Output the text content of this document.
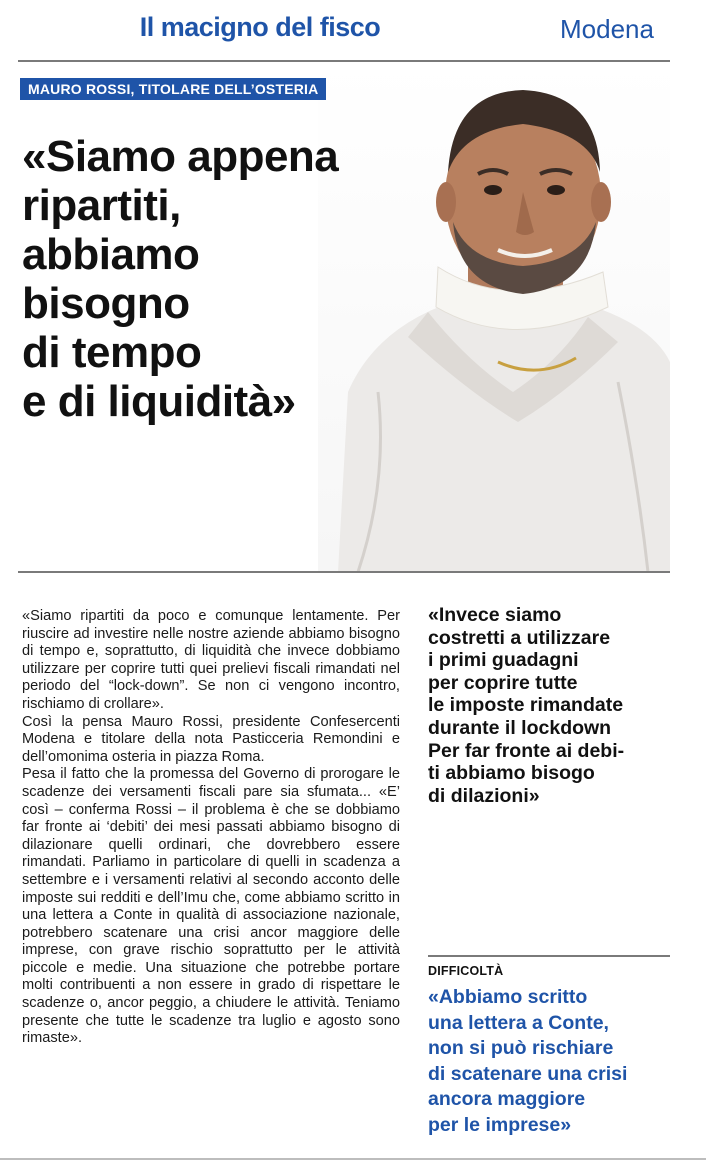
Il macigno del fisco	Modena
MAURO ROSSI, TITOLARE DELL’OSTERIA
«Siamo appena
ripartiti,
abbiamo
bisogno
di tempo
e di liquidità»

«Siamo ripartiti da poco e comunque lentamente. Per riuscire ad investire nelle nostre aziende abbiamo bisogno di tempo e, soprattutto, di liquidità che invece dobbiamo utilizzare per coprire tutti quei prelievi fiscali rimandati nel periodo del “lock-down”. Se non ci vengono incontro, rischiamo di crollare».

Così la pensa Mauro Rossi, presidente Confesercenti Modena e titolare della nota Pasticceria Remondini e dell’omonima osteria in piazza Roma.

Pesa il fatto che la promessa del Governo di prorogare le scadenze dei versamenti fiscali pare sia sfumata... «E’ così – conferma Rossi – il problema è che se dobbiamo far fronte ai ‘debiti’ dei mesi passati abbiamo bisogno di dilazionare quelli ordinari, che dovrebbero essere rimandati. Parliamo in particolare di quelli in scadenza a settembre e i versamenti relativi al secondo acconto delle imposte sui redditi e dell’Imu che, come abbiamo scritto in una lettera a Conte in qualità di associazione nazionale, potrebbero scatenare una crisi ancor maggiore delle imprese, con grave rischio soprattutto per le attività piccole e medie. Una situazione che potrebbe portare molti contribuenti a non essere in grado di rispettare le scadenze o, ancor peggio, a chiudere le attività. Teniamo presente che tutte le scadenze tra luglio e agosto sono rimaste».

«Invece siamo
costretti a utilizzare
i primi guadagni
per coprire tutte
le imposte rimandate
durante il lockdown
Per far fronte ai debi-
ti abbiamo bisogo
di dilazioni»
DIFFICOLTÀ
«Abbiamo scritto
una lettera a Conte,
non si può rischiare
di scatenare una crisi
ancora maggiore
per le imprese»
